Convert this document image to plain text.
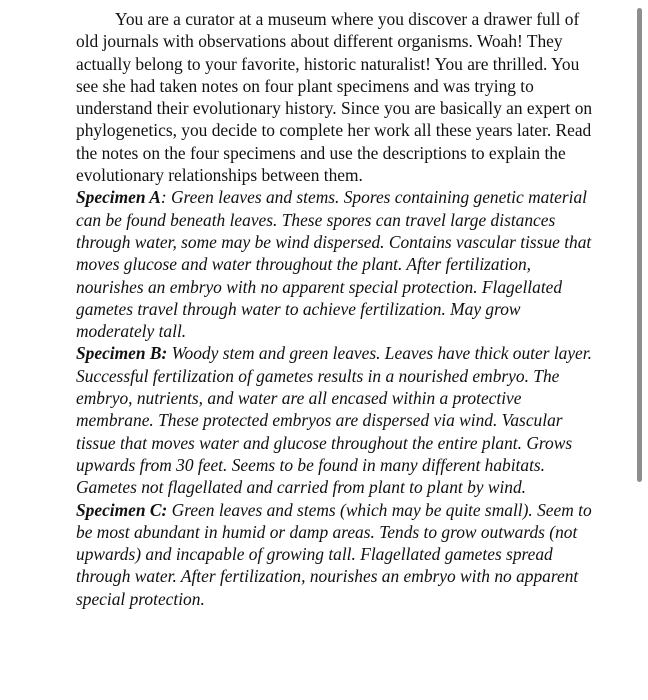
You are a curator at a museum where you discover a drawer full of old journals with observations about different organisms. Woah! They actually belong to your favorite, historic naturalist! You are thrilled. You see she had taken notes on four plant specimens and was trying to understand their evolutionary history. Since you are basically an expert on phylogenetics, you decide to complete her work all these years later. Read the notes on the four specimens and use the descriptions to explain the evolutionary relationships between them.

Specimen A: Green leaves and stems. Spores containing genetic material can be found beneath leaves. These spores can travel large distances through water, some may be wind dispersed. Contains vascular tissue that moves glucose and water throughout the plant. After fertilization, nourishes an embryo with no apparent special protection. Flagellated gametes travel through water to achieve fertilization. May grow moderately tall.

Specimen B: Woody stem and green leaves. Leaves have thick outer layer. Successful fertilization of gametes results in a nourished embryo. The embryo, nutrients, and water are all encased within a protective membrane. These protected embryos are dispersed via wind. Vascular tissue that moves water and glucose throughout the entire plant. Grows upwards from 30 feet. Seems to be found in many different habitats. Gametes not flagellated and carried from plant to plant by wind.

Specimen C: Green leaves and stems (which may be quite small). Seem to be most abundant in humid or damp areas. Tends to grow outwards (not upwards) and incapable of growing tall. Flagellated gametes spread through water. After fertilization, nourishes an embryo with no apparent special protection.
